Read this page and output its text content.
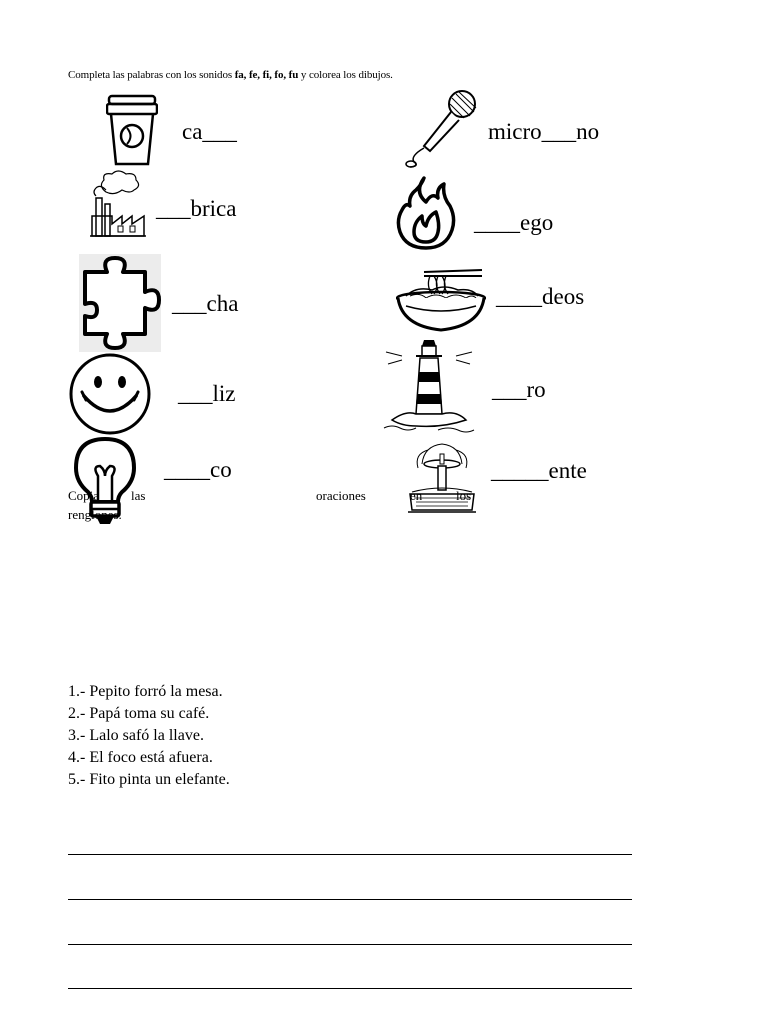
Completa las palabras con los sonidos fa, fe, fi, fo, fu y colorea los dibujos.
ca___	micro___no
___brica
____ego
___cha	____deos
___liz	___ro
____co	_____ente
Copia las	oraciones	en	los
renglones.
1.- Pepito forró la mesa.
2.- Papá toma su café.
3.- Lalo safó la llave.
4.- El foco está afuera.
5.- Fito pinta un elefante.
